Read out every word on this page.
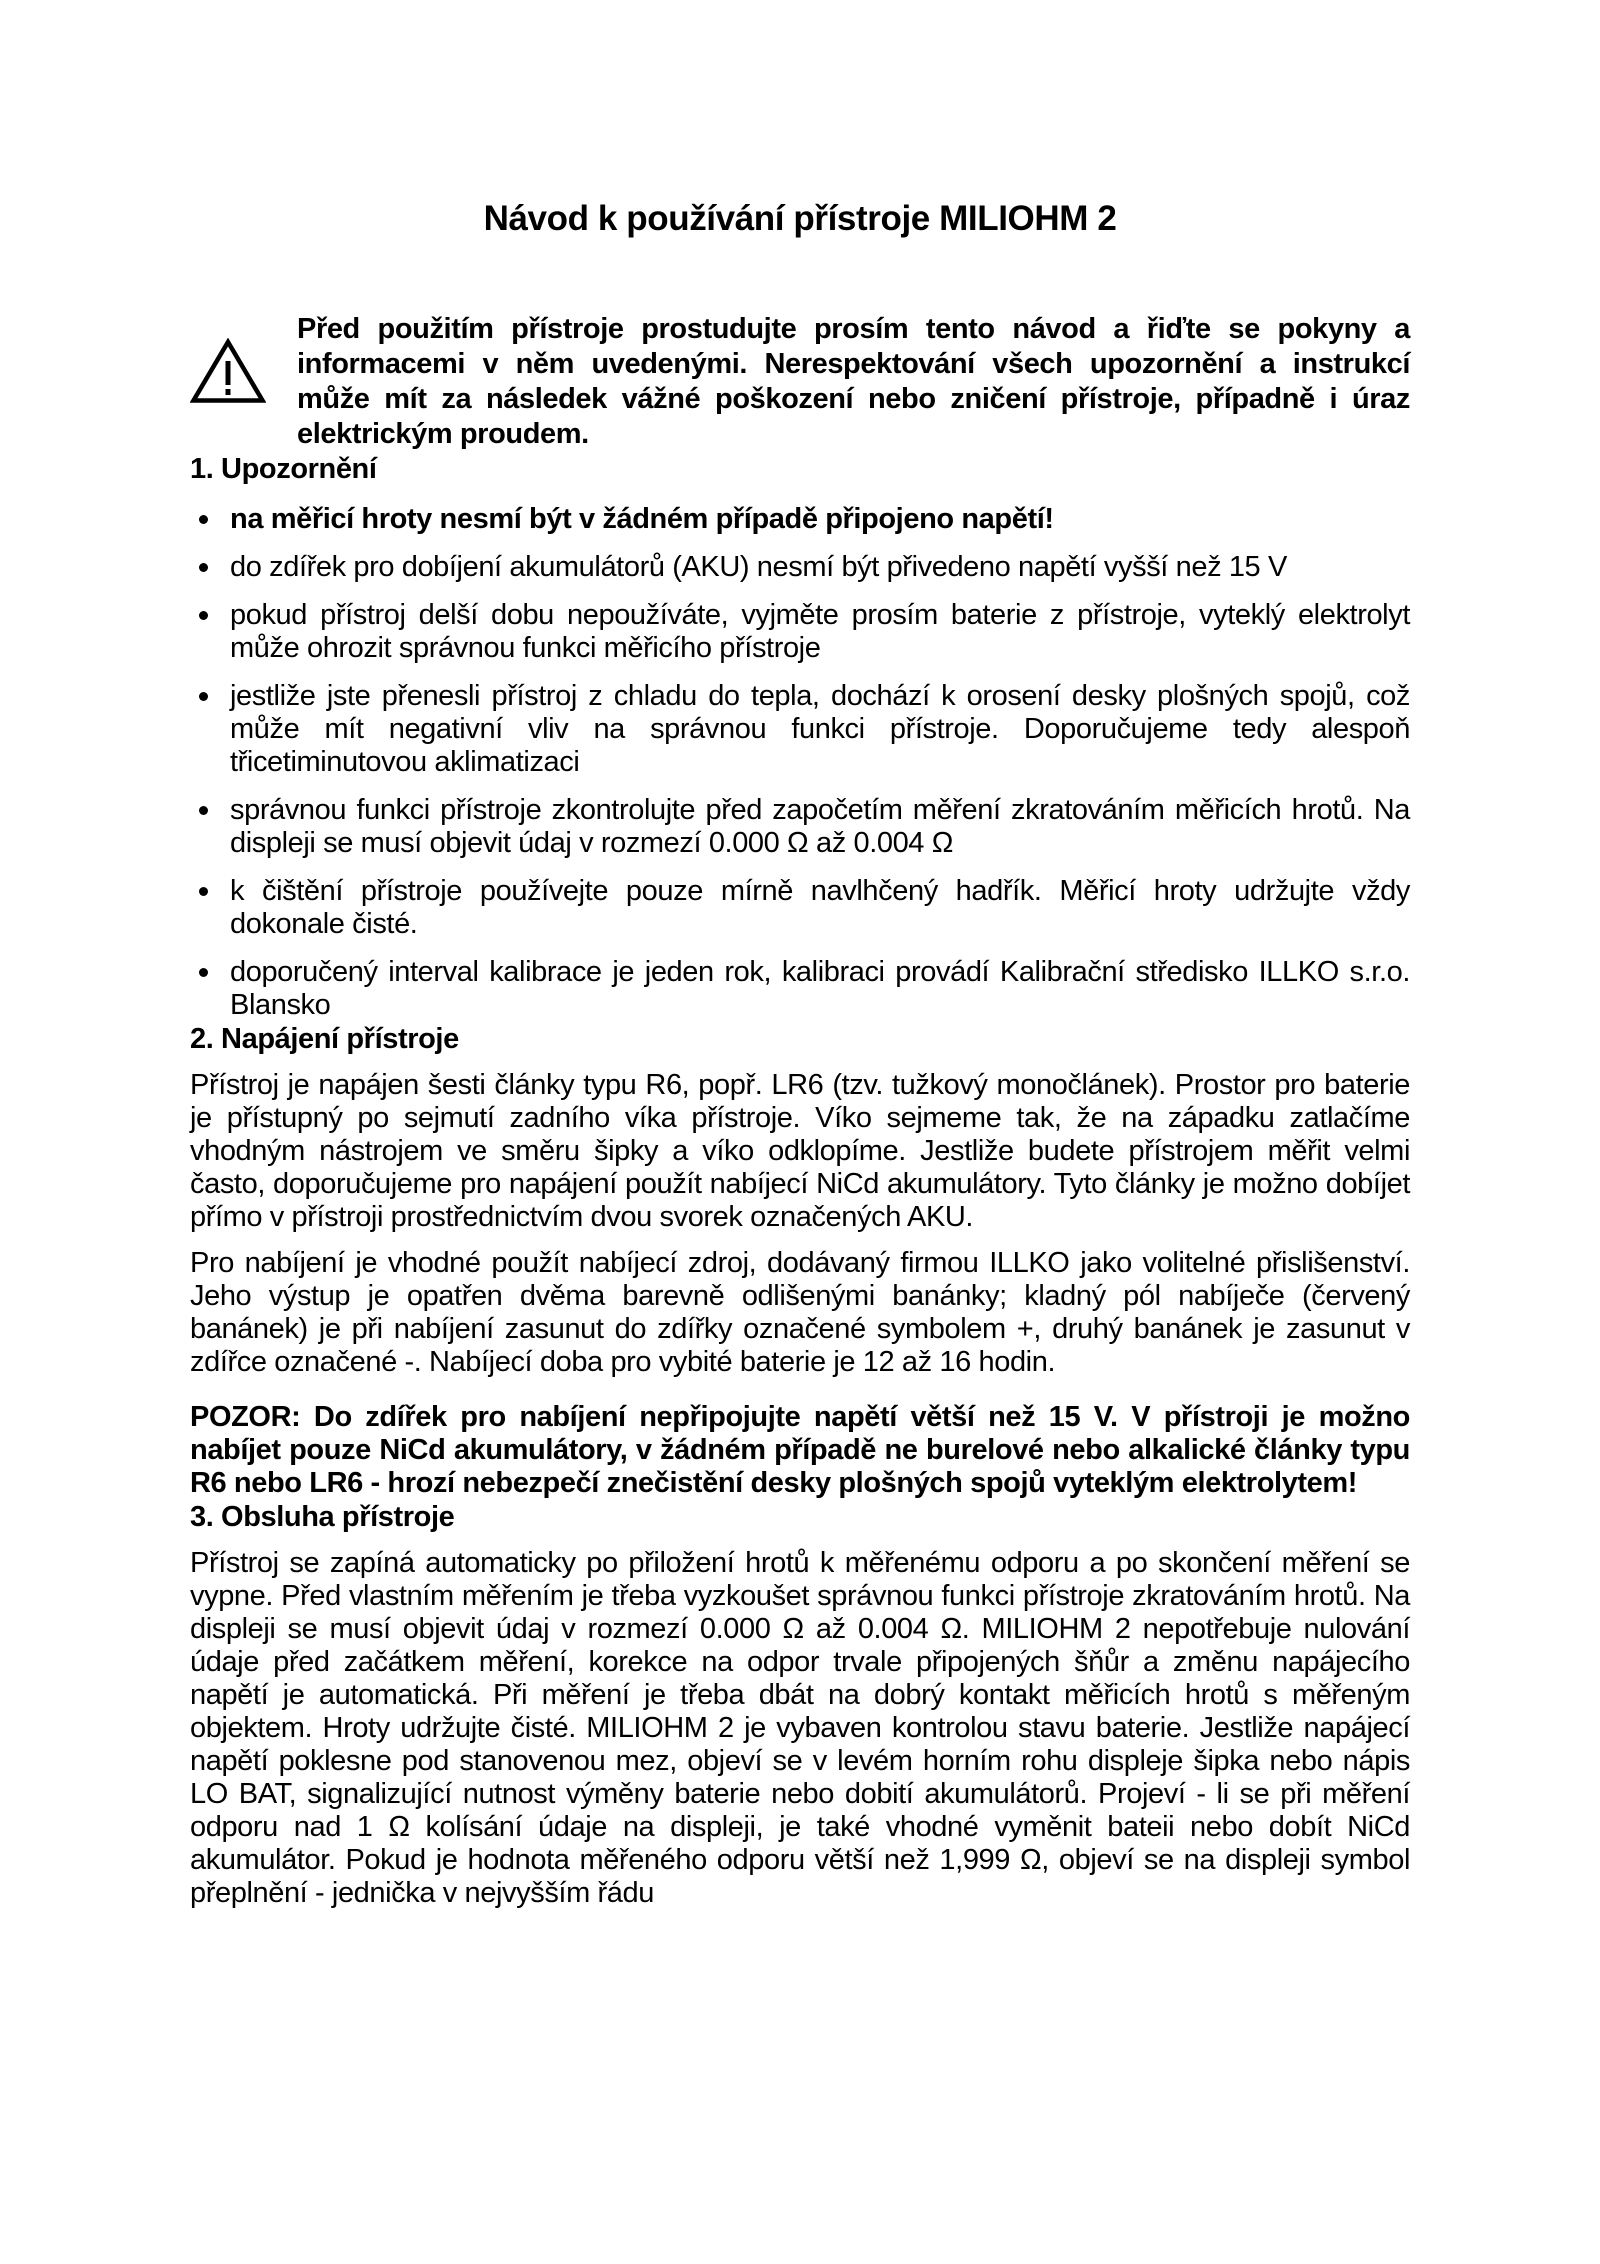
Návod k používání přístroje MILIOHM 2
Před použitím přístroje prostudujte prosím tento návod a řiďte se pokyny a informacemi v něm uvedenými. Nerespektování všech upozornění a instrukcí může mít za následek vážné poškození nebo zničení přístroje, případně i úraz elektrickým proudem.
1. Upozornění
na měřicí hroty nesmí být v žádném případě připojeno napětí!
do zdířek pro dobíjení akumulátorů (AKU) nesmí být přivedeno napětí vyšší než 15 V
pokud přístroj delší dobu nepoužíváte, vyjměte prosím baterie z přístroje, vyteklý elektrolyt může ohrozit správnou funkci měřicího přístroje
jestliže jste přenesli přístroj z chladu do tepla, dochází k orosení desky plošných spojů, což může mít negativní vliv na správnou funkci přístroje. Doporučujeme tedy alespoň třicetiminutovou aklimatizaci
správnou funkci přístroje zkontrolujte před započetím měření zkratováním měřicích hrotů. Na displeji se musí objevit údaj v rozmezí 0.000 Ω až 0.004 Ω
k čištění přístroje používejte pouze mírně navlhčený hadřík. Měřicí hroty udržujte vždy dokonale čisté.
doporučený interval kalibrace je jeden rok, kalibraci provádí Kalibrační středisko ILLKO s.r.o. Blansko
2. Napájení přístroje

Přístroj je napájen šesti články typu R6, popř. LR6 (tzv. tužkový monočlánek). Prostor pro baterie je přístupný po sejmutí zadního víka přístroje. Víko sejmeme tak, že na západku zatlačíme vhodným nástrojem ve směru šipky a víko odklopíme. Jestliže budete přístrojem měřit velmi často, doporučujeme pro napájení použít nabíjecí NiCd akumulátory. Tyto články je možno dobíjet přímo v přístroji prostřednictvím dvou svorek označených AKU.

Pro nabíjení je vhodné použít nabíjecí zdroj, dodávaný firmou ILLKO jako volitelné přislišenství. Jeho výstup je opatřen dvěma barevně odlišenými banánky; kladný pól nabíječe (červený banánek) je při nabíjení zasunut do zdířky označené symbolem +, druhý banánek je zasunut v zdířce označené -. Nabíjecí doba pro vybité baterie je 12 až 16 hodin.

POZOR: Do zdířek pro nabíjení nepřipojujte napětí větší než 15 V. V přístroji je možno nabíjet pouze NiCd akumulátory, v žádném případě ne burelové nebo alkalické články typu R6 nebo LR6 - hrozí nebezpečí znečistění desky plošných spojů vyteklým elektrolytem!

3. Obsluha přístroje

Přístroj se zapíná automaticky po přiložení hrotů k měřenému odporu a po skončení měření se vypne. Před vlastním měřením je třeba vyzkoušet správnou funkci přístroje zkratováním hrotů. Na displeji se musí objevit údaj v rozmezí 0.000 Ω až 0.004 Ω. MILIOHM 2 nepotřebuje nulování údaje před začátkem měření, korekce na odpor trvale připojených šňůr a změnu napájecího napětí je automatická. Při měření je třeba dbát na dobrý kontakt měřicích hrotů s měřeným objektem. Hroty udržujte čisté. MILIOHM 2 je vybaven kontrolou stavu baterie. Jestliže napájecí napětí poklesne pod stanovenou mez, objeví se v levém horním rohu displeje šipka nebo nápis LO BAT, signalizující nutnost výměny baterie nebo dobití akumulátorů. Projeví - li se při měření odporu nad 1 Ω kolísání údaje na displeji, je také vhodné vyměnit bateii nebo dobít NiCd akumulátor. Pokud je hodnota měřeného odporu větší než 1,999 Ω, objeví se na displeji symbol přeplnění - jednička v nejvyšším řádu
